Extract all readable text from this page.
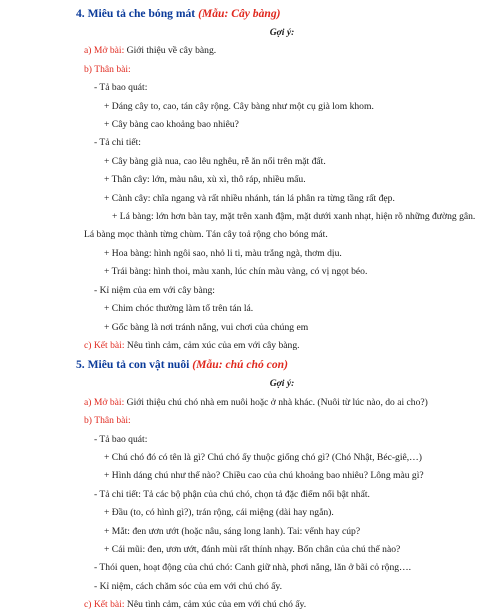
4. Miêu tả che bóng mát (Mẫu: Cây bàng)
Gợi ý:
a) Mở bài: Giới thiệu về cây bàng.
b) Thân bài:
- Tả bao quát:
+ Dáng cây to, cao, tán cây rộng. Cây bàng như một cụ già lom khom.
+ Cây bàng cao khoảng bao nhiêu?
- Tả chi tiết:
+ Cây bàng già nua, cao lêu nghêu, rễ ăn nổi trên mặt đất.
+ Thân cây: lớn, màu nâu, xù xì, thô ráp, nhiều mấu.
+ Cành cây: chĩa ngang và rất nhiều nhánh, tán lá phân ra từng tầng rất đẹp.
+ Lá bàng: lớn hơn bàn tay, mặt trên xanh đậm, mặt dưới xanh nhạt, hiện rõ những đường gân. Lá bàng mọc thành từng chùm. Tán cây toả rộng cho bóng mát.
+ Hoa bàng: hình ngôi sao, nhỏ li ti, màu trắng ngà, thơm dịu.
+ Trái bàng: hình thoi, màu xanh, lúc chín màu vàng, có vị ngọt béo.
- Kỉ niệm của em với cây bàng:
+ Chim chóc thường làm tổ trên tán lá.
+ Gốc bàng là nơi tránh nắng, vui chơi của chúng em
c) Kết bài: Nêu tình cảm, cảm xúc của em với cây bàng.
5. Miêu tả con vật nuôi (Mẫu: chú chó con)
Gợi ý:
a) Mở bài: Giới thiệu chú chó nhà em nuôi hoặc ở nhà khác. (Nuôi từ lúc nào, do ai cho?)
b) Thân bài:
- Tả bao quát:
+ Chú chó đó có tên là gì? Chú chó ấy thuộc giống chó gì? (Chó Nhật, Béc-giê,…)
+ Hình dáng chú như thế nào? Chiều cao của chú khoảng bao nhiêu? Lông màu gì?
- Tả chi tiết: Tả các bộ phận của chú chó, chọn tả đặc điểm nổi bật nhất.
+ Đầu (to, có hình gì?), trán rộng, cái miệng (dài hay ngắn).
+ Mắt: đen ươn ướt (hoặc nâu, sáng long lanh). Tai: vểnh hay cúp?
+ Cái mũi: đen, ươn ướt, đánh mùi rất thính nhạy. Bốn chân của chú thế nào?
- Thói quen, hoạt động của chú chó: Canh giữ nhà, phơi nắng, lăn ở bãi cỏ rộng….
- Kỉ niệm, cách chăm sóc của em với chú chó ấy.
c) Kết bài: Nêu tình cảm, cảm xúc của em với chú chó ấy.
